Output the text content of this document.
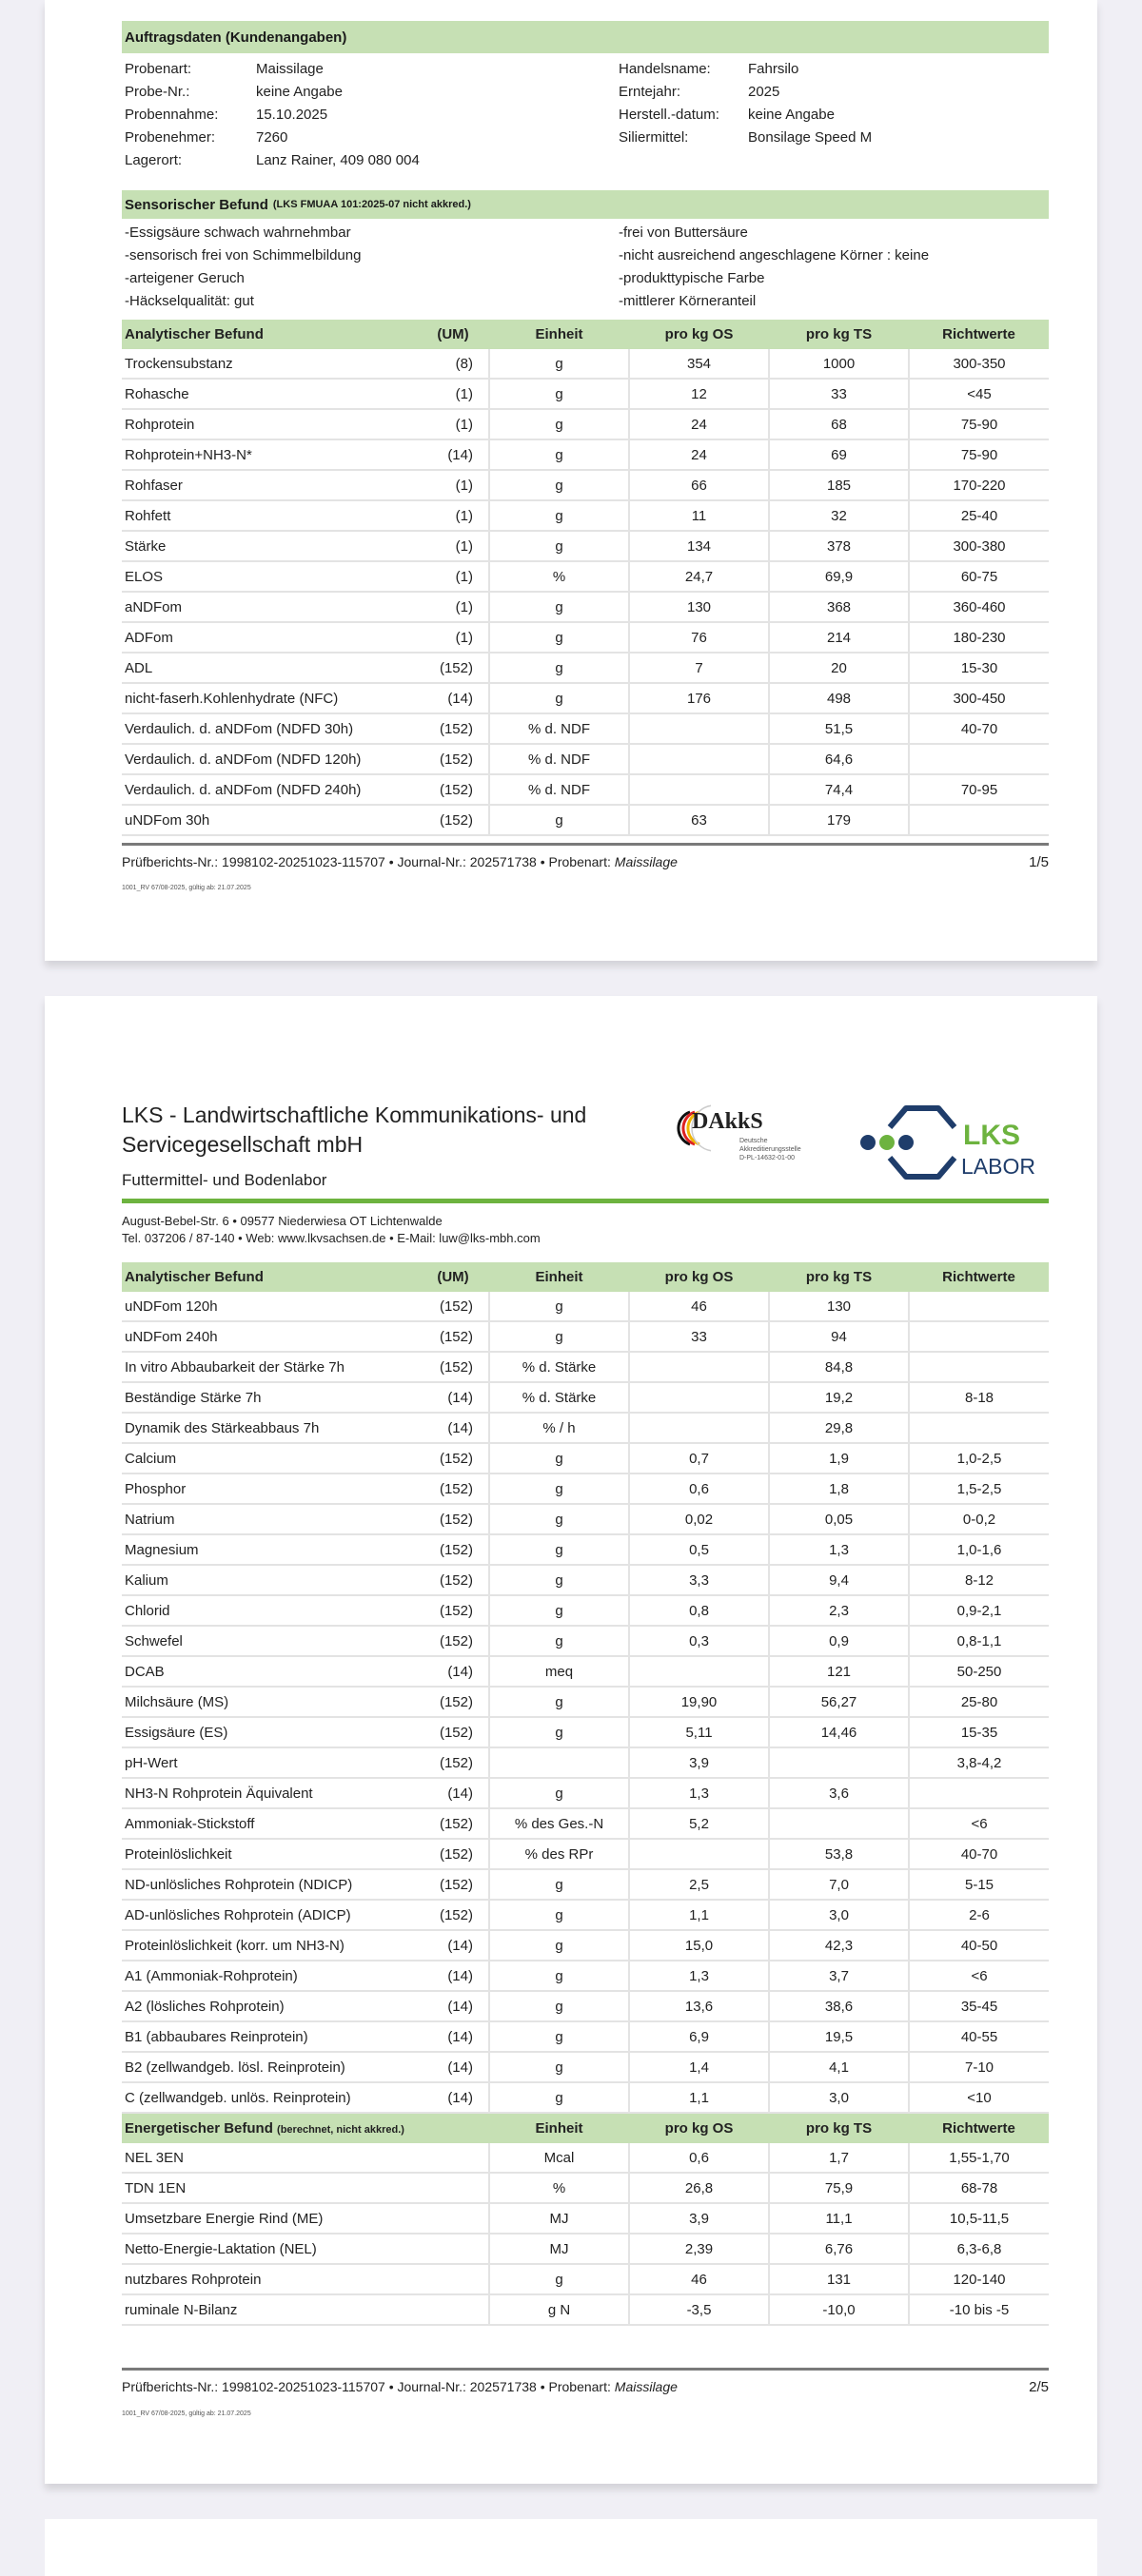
Auftragsdaten (Kundenangaben)
Probenart:	Maissilage
Probe-Nr.:	keine Angabe
Probennahme:	15.10.2025
Probenehmer:	7260
Lagerort:	Lanz Rainer, 409 080 004
Handelsname:	Fahrsilo
Erntejahr:	2025
Herstell.-datum:	keine Angabe
Siliermittel:	Bonsilage Speed M
Sensorischer Befund (LKS FMUAA 101:2025-07 nicht akkred.)
-Essigsäure schwach wahrnehmbar
-sensorisch frei von Schimmelbildung
-arteigener Geruch
-Häckselqualität: gut
-frei von Buttersäure
-nicht ausreichend angeschlagene Körner : keine
-produkttypische Farbe
-mittlerer Körneranteil
Analytischer Befund	(UM)	Einheit	pro kg OS	pro kg TS	Richtwerte
Trockensubstanz	(8)	g	354	1000	300-350
Rohasche	(1)	g	12	33	<45
Rohprotein	(1)	g	24	68	75-90
Rohprotein+NH3-N*	(14)	g	24	69	75-90
Rohfaser	(1)	g	66	185	170-220
Rohfett	(1)	g	11	32	25-40
Stärke	(1)	g	134	378	300-380
ELOS	(1)	%	24,7	69,9	60-75
aNDFom	(1)	g	130	368	360-460
ADFom	(1)	g	76	214	180-230
ADL	(152)	g	7	20	15-30
nicht-faserh.Kohlenhydrate (NFC)	(14)	g	176	498	300-450
Verdaulich. d. aNDFom (NDFD 30h)	(152)	% d. NDF		51,5	40-70
Verdaulich. d. aNDFom (NDFD 120h)	(152)	% d. NDF		64,6	
Verdaulich. d. aNDFom (NDFD 240h)	(152)	% d. NDF		74,4	70-95
uNDFom 30h	(152)	g	63	179	
Prüfberichts-Nr.: 1998102-20251023-115707 • Journal-Nr.: 202571738 • Probenart: Maissilage	1/5
1001_RV 67/08-2025, gültig ab: 21.07.2025
LKS - Landwirtschaftliche Kommunikations- und
Servicegesellschaft mbH
Futtermittel- und Bodenlabor
DAkkS
Deutsche
Akkreditierungsstelle
D-PL-14632-01-00
LKS
LABOR
August-Bebel-Str. 6 • 09577 Niederwiesa OT Lichtenwalde
Tel. 037206 / 87-140 • Web: www.lkvsachsen.de • E-Mail: luw@lks-mbh.com
Analytischer Befund	(UM)	Einheit	pro kg OS	pro kg TS	Richtwerte
uNDFom 120h	(152)	g	46	130	
uNDFom 240h	(152)	g	33	94	
In vitro Abbaubarkeit der Stärke 7h	(152)	% d. Stärke		84,8	
Beständige Stärke 7h	(14)	% d. Stärke		19,2	8-18
Dynamik des Stärkeabbaus 7h	(14)	% / h		29,8	
Calcium	(152)	g	0,7	1,9	1,0-2,5
Phosphor	(152)	g	0,6	1,8	1,5-2,5
Natrium	(152)	g	0,02	0,05	0-0,2
Magnesium	(152)	g	0,5	1,3	1,0-1,6
Kalium	(152)	g	3,3	9,4	8-12
Chlorid	(152)	g	0,8	2,3	0,9-2,1
Schwefel	(152)	g	0,3	0,9	0,8-1,1
DCAB	(14)	meq		121	50-250
Milchsäure (MS)	(152)	g	19,90	56,27	25-80
Essigsäure (ES)	(152)	g	5,11	14,46	15-35
pH-Wert	(152)		3,9		3,8-4,2
NH3-N Rohprotein Äquivalent	(14)	g	1,3	3,6	
Ammoniak-Stickstoff	(152)	% des Ges.-N	5,2		<6
Proteinlöslichkeit	(152)	% des RPr		53,8	40-70
ND-unlösliches Rohprotein (NDICP)	(152)	g	2,5	7,0	5-15
AD-unlösliches Rohprotein (ADICP)	(152)	g	1,1	3,0	2-6
Proteinlöslichkeit (korr. um NH3-N)	(14)	g	15,0	42,3	40-50
A1 (Ammoniak-Rohprotein)	(14)	g	1,3	3,7	<6
A2 (lösliches Rohprotein)	(14)	g	13,6	38,6	35-45
B1 (abbaubares Reinprotein)	(14)	g	6,9	19,5	40-55
B2 (zellwandgeb. lösl. Reinprotein)	(14)	g	1,4	4,1	7-10
C (zellwandgeb. unlös. Reinprotein)	(14)	g	1,1	3,0	<10
Energetischer Befund (berechnet, nicht akkred.)	Einheit	pro kg OS	pro kg TS	Richtwerte
NEL 3EN	Mcal	0,6	1,7	1,55-1,70
TDN 1EN	%	26,8	75,9	68-78
Umsetzbare Energie Rind (ME)	MJ	3,9	11,1	10,5-11,5
Netto-Energie-Laktation (NEL)	MJ	2,39	6,76	6,3-6,8
nutzbares Rohprotein	g	46	131	120-140
ruminale N-Bilanz	g N	-3,5	-10,0	-10 bis -5
Prüfberichts-Nr.: 1998102-20251023-115707 • Journal-Nr.: 202571738 • Probenart: Maissilage	2/5
1001_RV 67/08-2025, gültig ab: 21.07.2025
